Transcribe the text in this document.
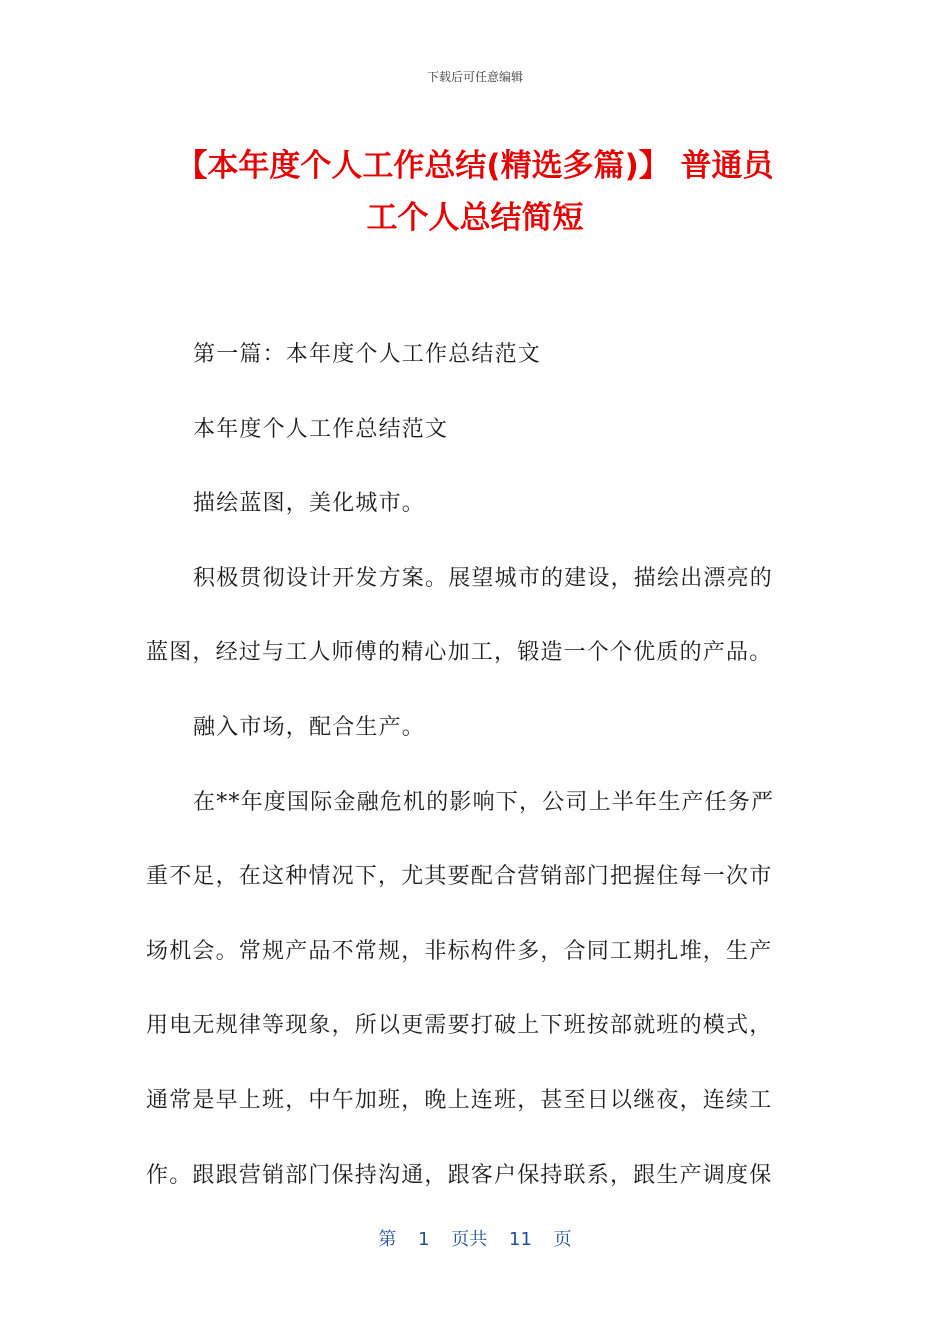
下载后可任意编辑
【本年度个人工作总结(精选多篇)】 普通员
工个人总结简短

第一篇：本年度个人工作总结范文

本年度个人工作总结范文

描绘蓝图，美化城市。

积极贯彻设计开发方案。展望城市的建设，描绘出漂亮的

蓝图，经过与工人师傅的精心加工，锻造一个个优质的产品。

融入市场，配合生产。

在**年度国际金融危机的影响下，公司上半年生产任务严

重不足，在这种情况下，尤其要配合营销部门把握住每一次市

场机会。常规产品不常规，非标构件多，合同工期扎堆，生产

用电无规律等现象，所以更需要打破上下班按部就班的模式，

通常是早上班，中午加班，晚上连班，甚至日以继夜，连续工

作。跟跟营销部门保持沟通，跟客户保持联系，跟生产调度保

第 1 页共 11 页
